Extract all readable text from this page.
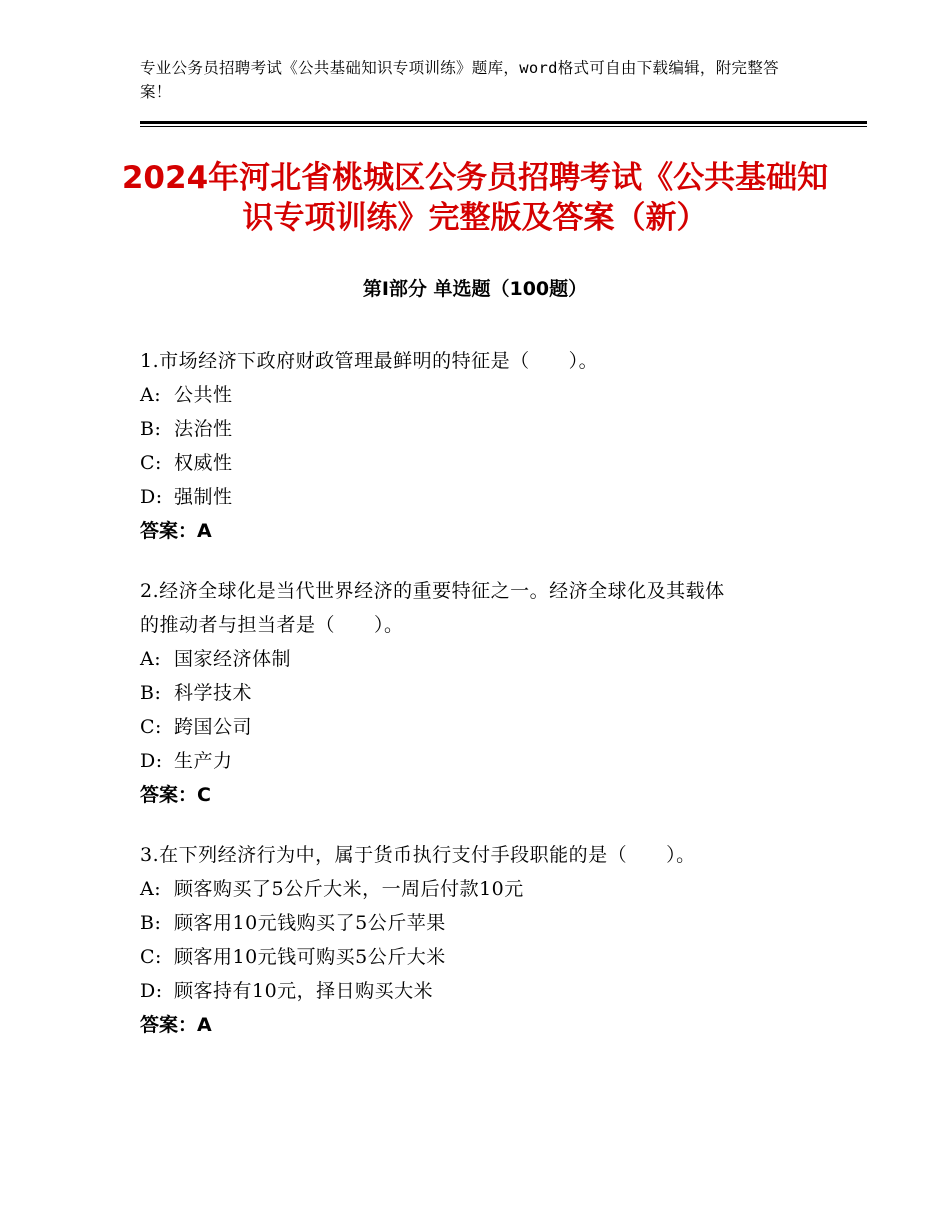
专业公务员招聘考试《公共基础知识专项训练》题库，word格式可自由下载编辑，附完整答案！
2024年河北省桃城区公务员招聘考试《公共基础知识专项训练》完整版及答案（新）
第Ⅰ部分 单选题（100题）
1.市场经济下政府财政管理最鲜明的特征是（　　）。
A: 公共性
B: 法治性
C: 权威性
D: 强制性
答案：A
2.经济全球化是当代世界经济的重要特征之一。经济全球化及其载体
的推动者与担当者是（　　）。
A: 国家经济体制
B: 科学技术
C: 跨国公司
D: 生产力
答案：C
3.在下列经济行为中，属于货币执行支付手段职能的是（　　）。
A: 顾客购买了5公斤大米，一周后付款10元
B: 顾客用10元钱购买了5公斤苹果
C: 顾客用10元钱可购买5公斤大米
D: 顾客持有10元，择日购买大米
答案：A
